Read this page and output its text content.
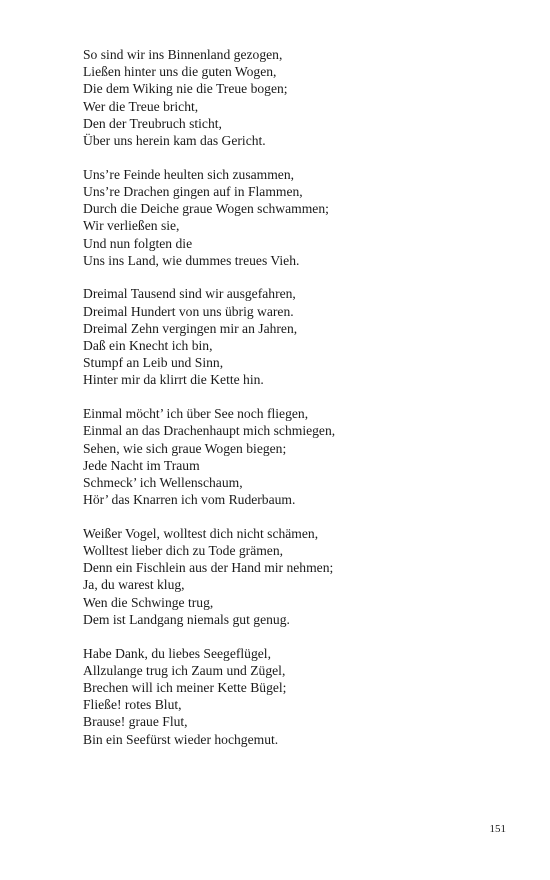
So sind wir ins Binnenland gezogen,
Ließen hinter uns die guten Wogen,
Die dem Wiking nie die Treue bogen;
Wer die Treue bricht,
Den der Treubruch sticht,
Über uns herein kam das Gericht.
Uns’re Feinde heulten sich zusammen,
Uns’re Drachen gingen auf in Flammen,
Durch die Deiche graue Wogen schwammen;
Wir verließen sie,
Und nun folgten die
Uns ins Land, wie dummes treues Vieh.
Dreimal Tausend sind wir ausgefahren,
Dreimal Hundert von uns übrig waren.
Dreimal Zehn vergingen mir an Jahren,
Daß ein Knecht ich bin,
Stumpf an Leib und Sinn,
Hinter mir da klirrt die Kette hin.
Einmal möcht’ ich über See noch fliegen,
Einmal an das Drachenhaupt mich schmiegen,
Sehen, wie sich graue Wogen biegen;
Jede Nacht im Traum
Schmeck’ ich Wellenschaum,
Hör’ das Knarren ich vom Ruderbaum.
Weißer Vogel, wolltest dich nicht schämen,
Wolltest lieber dich zu Tode grämen,
Denn ein Fischlein aus der Hand mir nehmen;
Ja, du warest klug,
Wen die Schwinge trug,
Dem ist Landgang niemals gut genug.
Habe Dank, du liebes Seegeflügel,
Allzulange trug ich Zaum und Zügel,
Brechen will ich meiner Kette Bügel;
Fließe! rotes Blut,
Brause! graue Flut,
Bin ein Seefürst wieder hochgemut.
151
